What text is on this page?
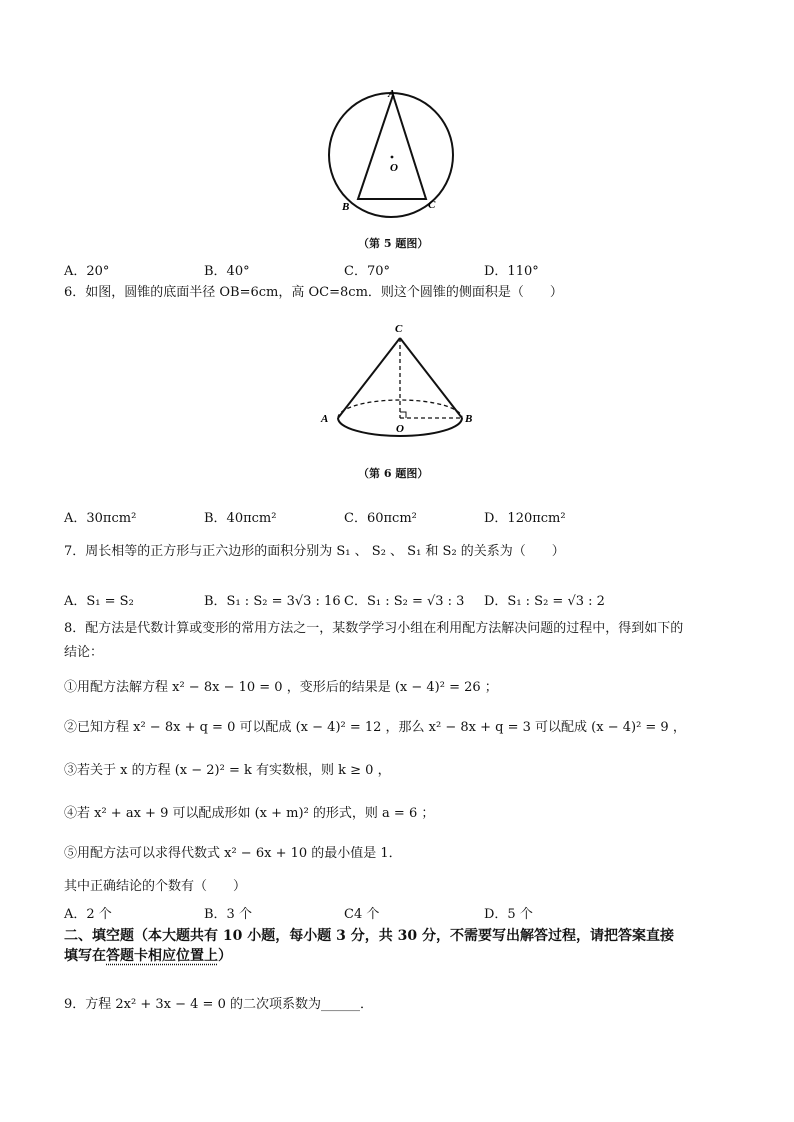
A
B	C
O
（第 5 题图）
A．20°	B．40°	C．70°	D．110°
6．如图，圆锥的底面半径 OB=6cm，高 OC=8cm．则这个圆锥的侧面积是（　　）
C
A	B
O
（第 6 题图）
A．30πcm²	B．40πcm²	C．60πcm²	D．120πcm²
7．周长相等的正方形与正六边形的面积分别为 S₁ 、 S₂ 、 S₁ 和 S₂ 的关系为（　　）
A．S₁ = S₂	B．S₁ : S₂ = 3√3 : 16 C．S₁ : S₂ = √3 : 3 D．S₁ : S₂ = √3 : 2
8．配方法是代数计算或变形的常用方法之一，某数学学习小组在利用配方法解决问题的过程中，得到如下的
结论：
①用配方法解方程 x² − 8x − 10 = 0 ，变形后的结果是 (x − 4)² = 26 ；
②已知方程 x² − 8x + q = 0 可以配成 (x − 4)² = 12 ，那么 x² − 8x + q = 3 可以配成 (x − 4)² = 9 ，
③若关于 x 的方程 (x − 2)² = k 有实数根，则 k ≥ 0 ，
④若 x² + ax + 9 可以配成形如 (x + m)² 的形式，则 a = 6 ；
⑤用配方法可以求得代数式 x² − 6x + 10 的最小值是 1．
其中正确结论的个数有（　　）
A．2 个	B．3 个	C4 个	D．5 个
二、填空题（本大题共有 10 小题，每小题 3 分，共 30 分，不需要写出解答过程，请把答案直接
填写在答题卡相应位置上）
9．方程 2x² + 3x − 4 = 0 的二次项系数为______．
